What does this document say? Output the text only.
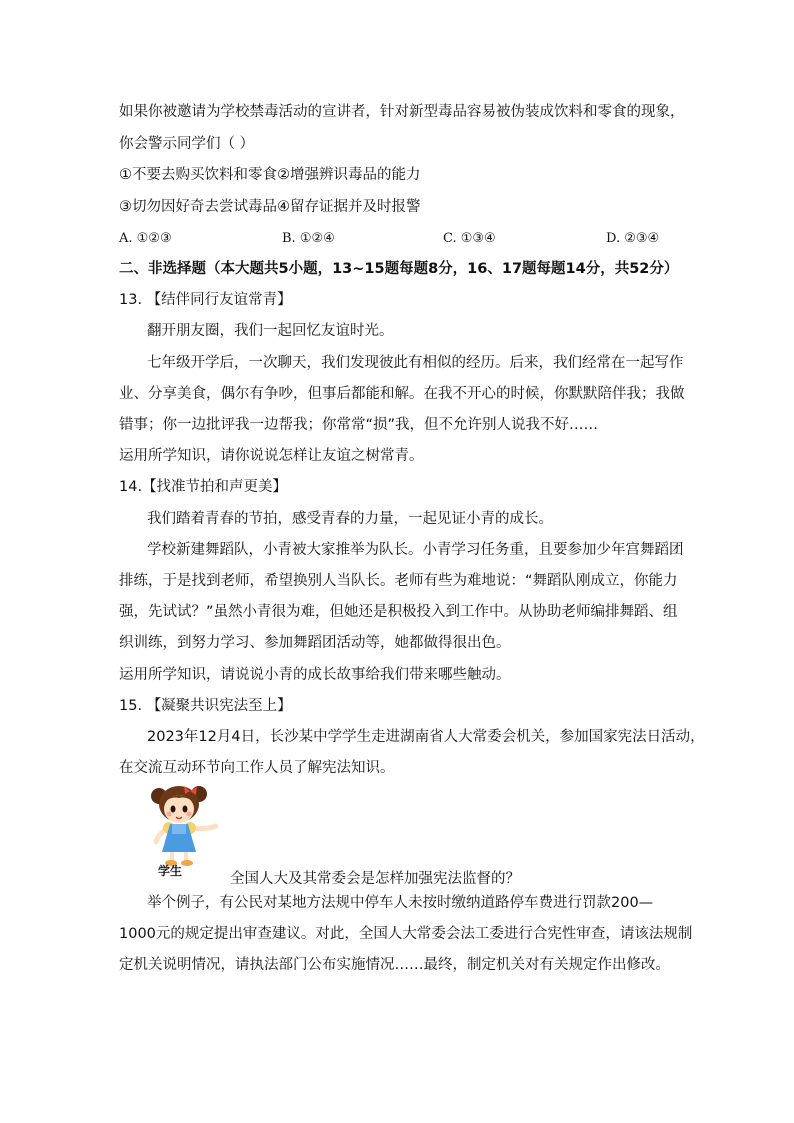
如果你被邀请为学校禁毒活动的宣讲者，针对新型毒品容易被伪装成饮料和零食的现象，
你会警示同学们（ ）
①不要去购买饮料和零食②增强辨识毒品的能力
③切勿因好奇去尝试毒品④留存证据并及时报警
A. ①②③	B. ①②④	C. ①③④	D. ②③④
二、非选择题（本大题共5小题，13~15题每题8分，16、17题每题14分，共52分）
13. 【结伴同行友谊常青】
翻开朋友圈，我们一起回忆友谊时光。
七年级开学后，一次聊天，我们发现彼此有相似的经历。后来，我们经常在一起写作
业、分享美食，偶尔有争吵，但事后都能和解。在我不开心的时候，你默默陪伴我；我做
错事；你一边批评我一边帮我；你常常“损”我，但不允许别人说我不好……
运用所学知识，请你说说怎样让友谊之树常青。
14.【找准节拍和声更美】
我们踏着青春的节拍，感受青春的力量，一起见证小青的成长。
学校新建舞蹈队，小青被大家推举为队长。小青学习任务重，且要参加少年宫舞蹈团
排练，于是找到老师，希望换别人当队长。老师有些为难地说：“舞蹈队刚成立，你能力
强，先试试？”虽然小青很为难，但她还是积极投入到工作中。从协助老师编排舞蹈、组
织训练，到努力学习、参加舞蹈团活动等，她都做得很出色。
运用所学知识，请说说小青的成长故事给我们带来哪些触动。
15. 【凝聚共识宪法至上】
2023年12月4日，长沙某中学学生走进湖南省人大常委会机关，参加国家宪法日活动，
在交流互动环节向工作人员了解宪法知识。
学生	全国人大及其常委会是怎样加强宪法监督的？
举个例子，有公民对某地方法规中停车人未按时缴纳道路停车费进行罚款200—
1000元的规定提出审查建议。对此，全国人大常委会法工委进行合宪性审查，请该法规制
定机关说明情况，请执法部门公布实施情况……最终，制定机关对有关规定作出修改。
